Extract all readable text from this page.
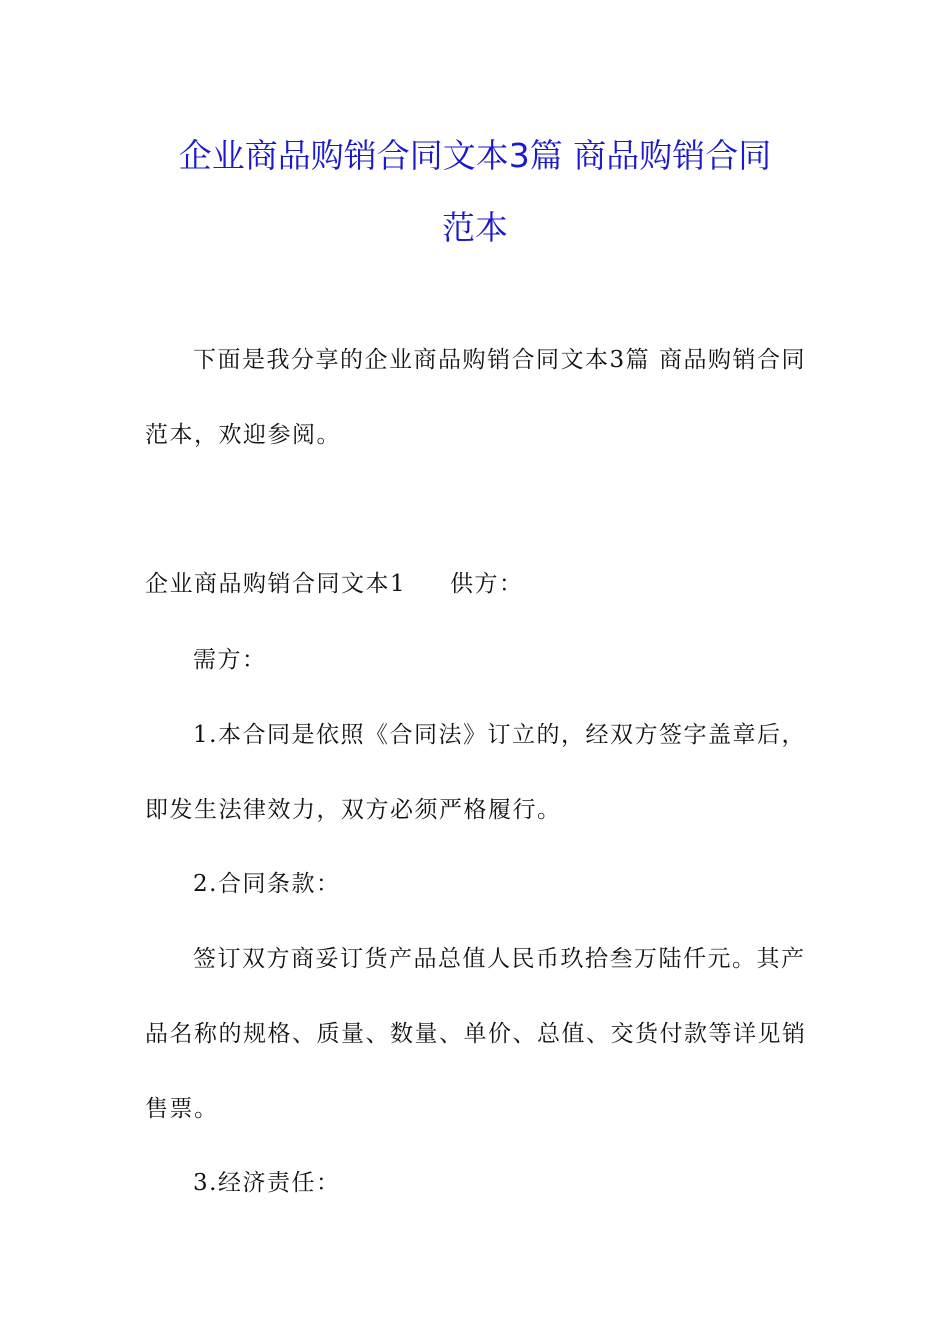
企业商品购销合同文本3篇 商品购销合同
范本
下面是我分享的企业商品购销合同文本3篇 商品购销合同
范本，欢迎参阅。
企业商品购销合同文本1 供方：
需方：
1.本合同是依照《合同法》订立的，经双方签字盖章后，
即发生法律效力，双方必须严格履行。
2.合同条款：
签订双方商妥订货产品总值人民币玖拾叁万陆仟元。其产
品名称的规格、质量、数量、单价、总值、交货付款等详见销
售票。
3.经济责任：
